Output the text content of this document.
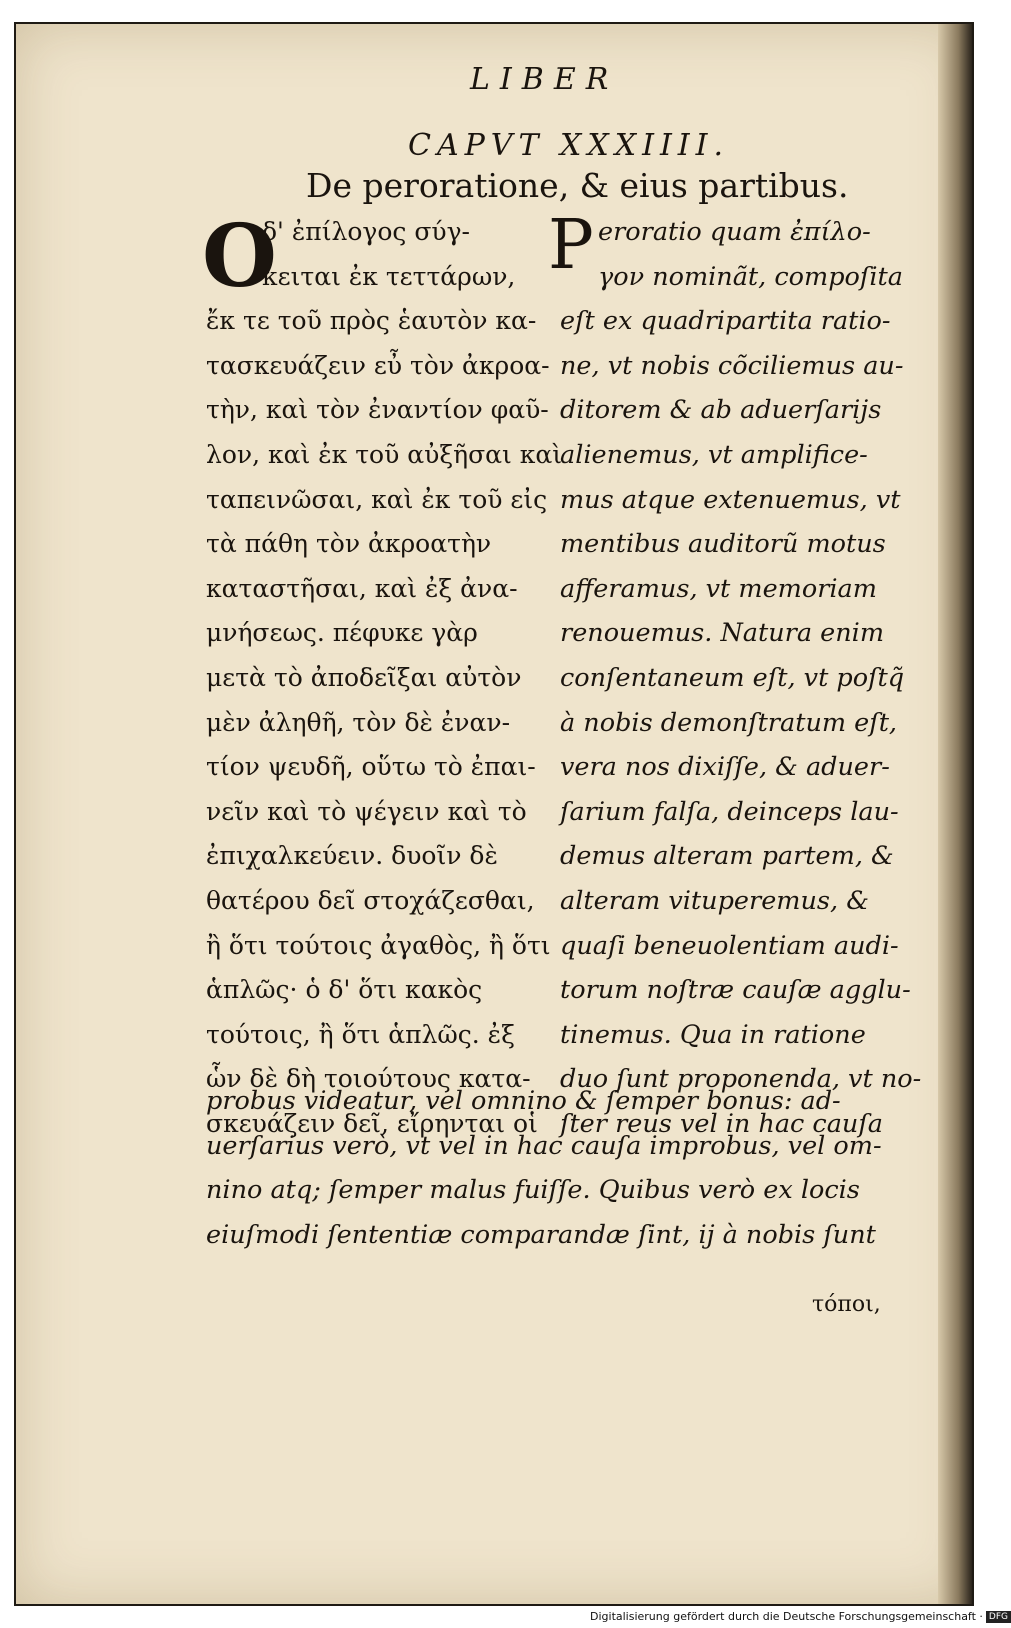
LIBER
CAPVT XXXIIII.
De peroratione, & eius partibus.
O	P
δ' ἐπίλογος σύγ-
κειται ἐκ τεττάρων,
ἔκ τε τοῦ πρὸς ἑαυτὸν κα-
τασκευάζειν εὖ τὸν ἀκροα-
τὴν, καὶ τὸν ἐναντίον φαῦ-
λον, καὶ ἐκ τοῦ αὐξῆσαι καὶ
ταπεινῶσαι, καὶ ἐκ τοῦ εἰς
τὰ πάθη τὸν ἀκροατὴν
καταστῆσαι, καὶ ἐξ ἀνα-
μνήσεως. πέφυκε γὰρ
μετὰ τὸ ἀποδεῖξαι αὐτὸν
μὲν ἀληθῆ, τὸν δὲ ἐναν-
τίον ψευδῆ, οὕτω τὸ ἐπαι-
νεῖν καὶ τὸ ψέγειν καὶ τὸ
ἐπιχαλκεύειν. δυοῖν δὲ
θατέρου δεῖ στοχάζεσθαι,
ἢ ὅτι τούτοις ἀγαθὸς, ἢ ὅτι
ἁπλῶς· ὁ δ' ὅτι κακὸς
τούτοις, ἢ ὅτι ἁπλῶς. ἐξ
ὧν δὲ δὴ τοιούτους κατα-
σκευάζειν δεῖ, εἴρηνται οἱ
eroratio quam ἐπίλο-
γον nominãt, compoſita
eſt ex quadripartita ratio-
ne, vt nobis cõciliemus au-
ditorem & ab aduerſarijs
alienemus, vt amplifice-
mus atque extenuemus, vt
mentibus auditorũ motus
afferamus, vt memoriam
renouemus. Natura enim
conſentaneum eſt, vt poſtq̃
à nobis demonſtratum eſt,
vera nos dixiſſe, & aduer-
ſarium falſa, deinceps lau-
demus alteram partem, &
alteram vituperemus, &
quaſi beneuolentiam audi-
torum noſtræ cauſæ agglu-
tinemus. Qua in ratione
duo ſunt proponenda, vt no-
ſter reus vel in hac cauſa
probus videatur, vel omnino & ſemper bonus: ad-
uerſarius verò, vt vel in hac cauſa improbus, vel om-
nino atq; ſemper malus fuiſſe. Quibus verò ex locis
eiuſmodi ſententiæ comparandæ ſint, ij à nobis ſunt
τόποι,
Digitalisierung gefördert durch die Deutsche Forschungsgemeinschaft · DFG
